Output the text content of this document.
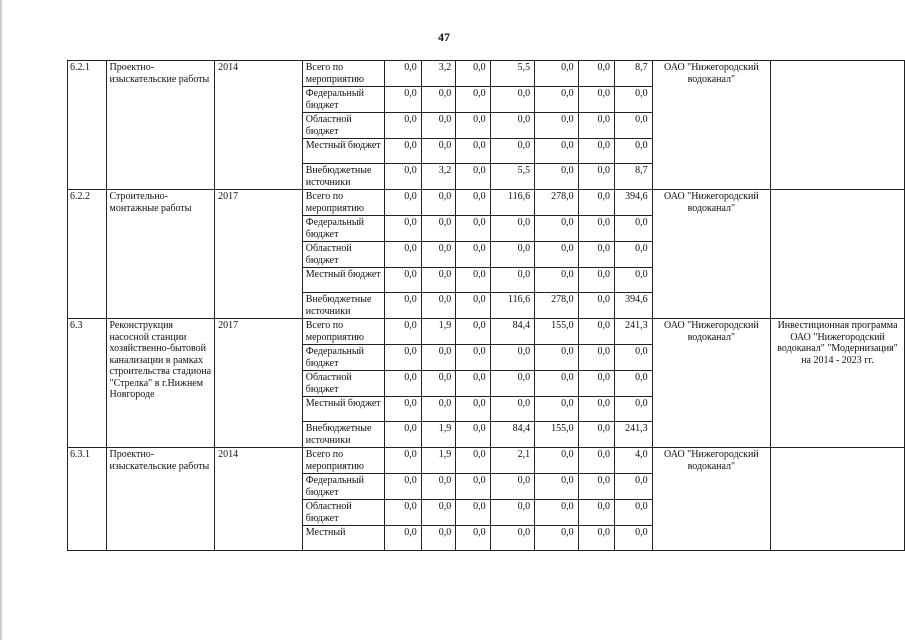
47
6.2.1	Проектно-изыскательские работы	2014	Всего по мероприятию	0,0	3,2	0,0	5,5	0,0	0,0	8,7	ОАО "Нижегородский водоканал"	
			Федеральный бюджет	0,0	0,0	0,0	0,0	0,0	0,0	0,0		
			Областной бюджет	0,0	0,0	0,0	0,0	0,0	0,0	0,0		
			Местный бюджет	0,0	0,0	0,0	0,0	0,0	0,0	0,0		
			Внебюджетные источники	0,0	3,2	0,0	5,5	0,0	0,0	8,7		
6.2.2	Строительно-монтажные работы	2017	Всего по мероприятию	0,0	0,0	0,0	116,6	278,0	0,0	394,6	ОАО "Нижегородский водоканал"	
			Федеральный бюджет	0,0	0,0	0,0	0,0	0,0	0,0	0,0		
			Областной бюджет	0,0	0,0	0,0	0,0	0,0	0,0	0,0		
			Местный бюджет	0,0	0,0	0,0	0,0	0,0	0,0	0,0		
			Внебюджетные источники	0,0	0,0	0,0	116,6	278,0	0,0	394,6		
6.3	Реконструкция насосной станции хозяйственно-бытовой канализации в рамках строительства стадиона "Стрелка" в г.Нижнем Новгороде	2017	Всего по мероприятию	0,0	1,9	0,0	84,4	155,0	0,0	241,3	ОАО "Нижегородский водоканал"	Инвестиционная программа ОАО "Нижегородский водоканал" "Модернизация" на 2014 - 2023 гг.
			Федеральный бюджет	0,0	0,0	0,0	0,0	0,0	0,0	0,0		
			Областной бюджет	0,0	0,0	0,0	0,0	0,0	0,0	0,0		
			Местный бюджет	0,0	0,0	0,0	0,0	0,0	0,0	0,0		
			Внебюджетные источники	0,0	1,9	0,0	84,4	155,0	0,0	241,3		
6.3.1	Проектно-изыскательские работы	2014	Всего по мероприятию	0,0	1,9	0,0	2,1	0,0	0,0	4,0	ОАО "Нижегородский водоканал"	
			Федеральный бюджет	0,0	0,0	0,0	0,0	0,0	0,0	0,0		
			Областной бюджет	0,0	0,0	0,0	0,0	0,0	0,0	0,0		
			Местный	0,0	0,0	0,0	0,0	0,0	0,0	0,0		
